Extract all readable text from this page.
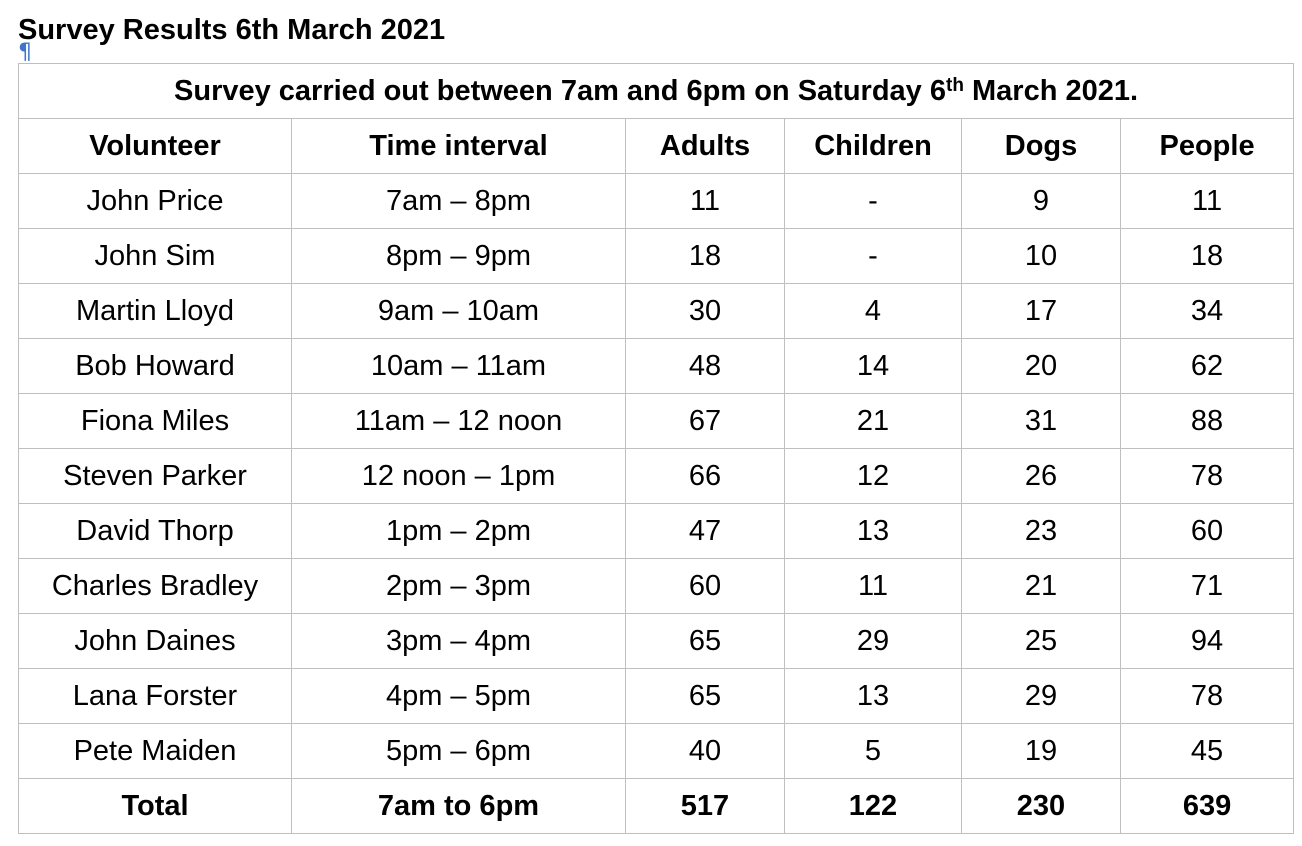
Survey Results 6th March 2021
¶
Survey carried out between 7am and 6pm on Saturday 6th March 2021.					
Volunteer	Time interval	Adults	Children	Dogs	People
John Price	7am – 8pm	11	-	9	11
John Sim	8pm – 9pm	18	-	10	18
Martin Lloyd	9am – 10am	30	4	17	34
Bob Howard	10am – 11am	48	14	20	62
Fiona Miles	11am – 12 noon	67	21	31	88
Steven Parker	12 noon – 1pm	66	12	26	78
David Thorp	1pm – 2pm	47	13	23	60
Charles Bradley	2pm – 3pm	60	11	21	71
John Daines	3pm – 4pm	65	29	25	94
Lana Forster	4pm – 5pm	65	13	29	78
Pete Maiden	5pm – 6pm	40	5	19	45
Total	7am to 6pm	517	122	230	639
